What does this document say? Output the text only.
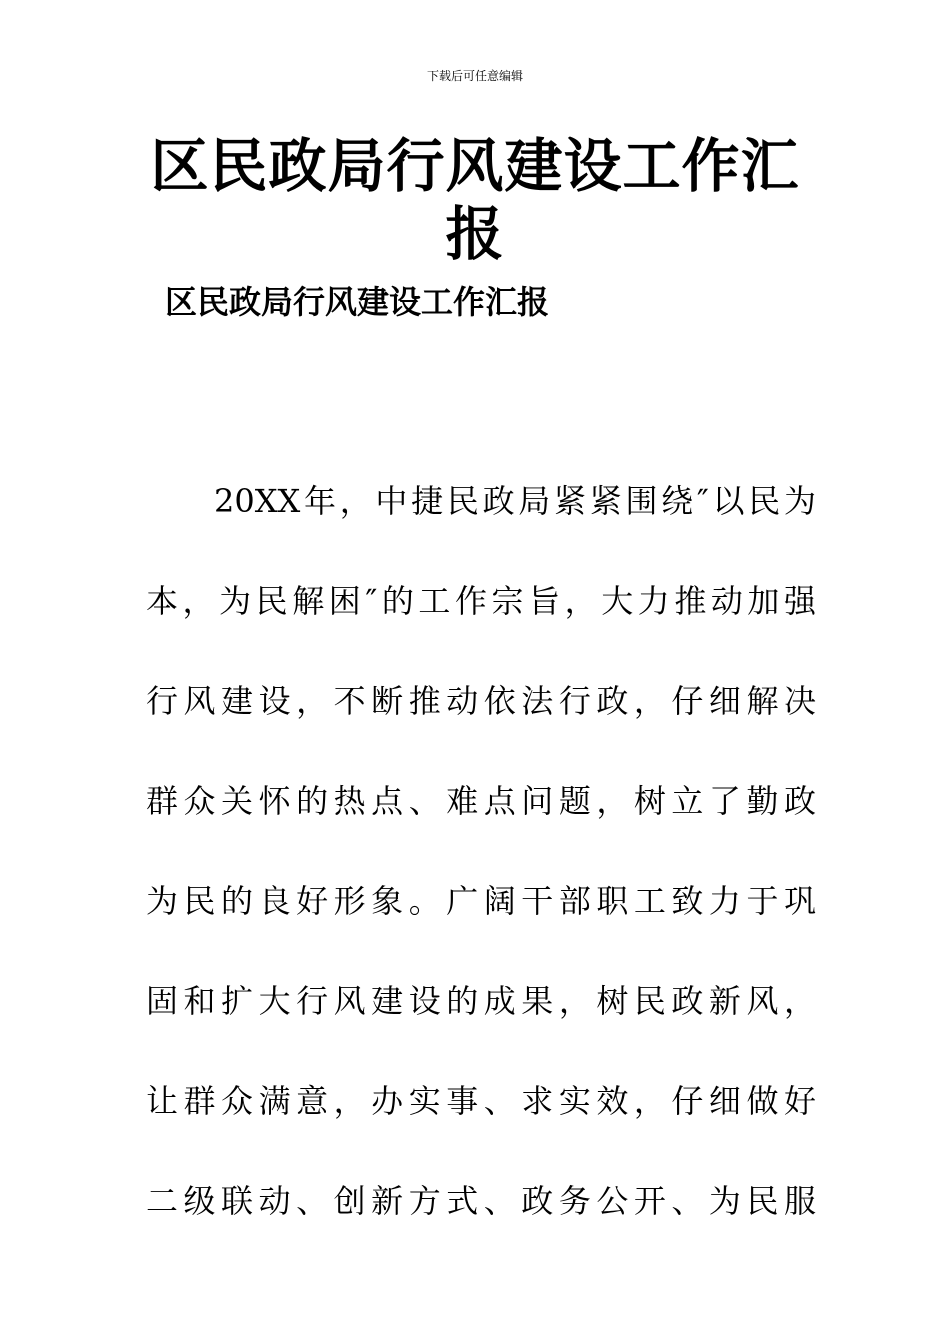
下载后可任意编辑
区民政局行风建设工作汇报
区民政局行风建设工作汇报
20XX年，中捷民政局紧紧围绕″以民为
本，为民解困″的工作宗旨，大力推动加强
行风建设，不断推动依法行政，仔细解决
群众关怀的热点、难点问题，树立了勤政
为民的良好形象。广阔干部职工致力于巩
固和扩大行风建设的成果，树民政新风，
让群众满意，办实事、求实效，仔细做好
二级联动、创新方式、政务公开、为民服
